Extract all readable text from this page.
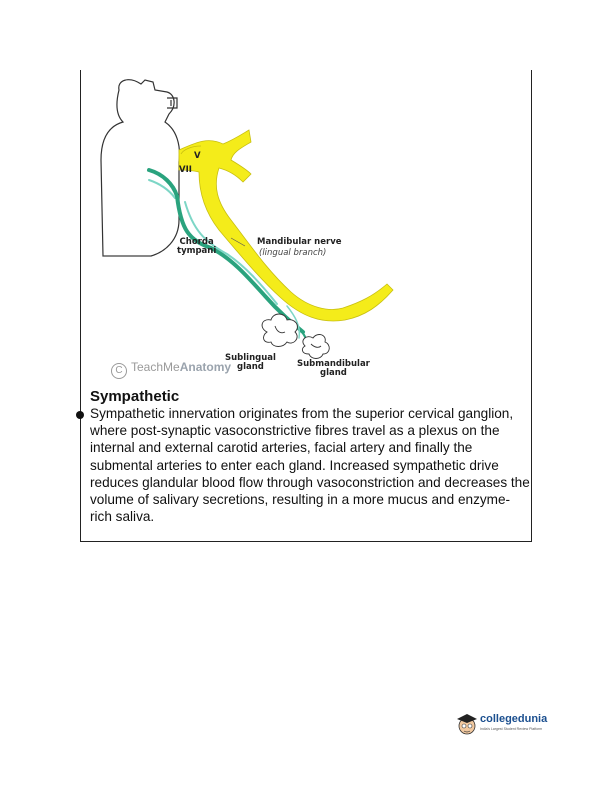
VII
V
Chorda
tympani
Mandibular nerve
(lingual branch)
Sublingual
gland	Submandibular
gland
C TeachMeAnatomy
Sympathetic
Sympathetic innervation originates from the superior cervical ganglion, where post-synaptic vasoconstrictive fibres travel as a plexus on the internal and external carotid arteries, facial artery and finally the submental arteries to enter each gland. Increased sympathetic drive reduces glandular blood flow through vasoconstriction and decreases the volume of salivary secretions, resulting in a more mucus and enzyme-rich saliva.
collegedunia
India's Largest Student Review Platform
